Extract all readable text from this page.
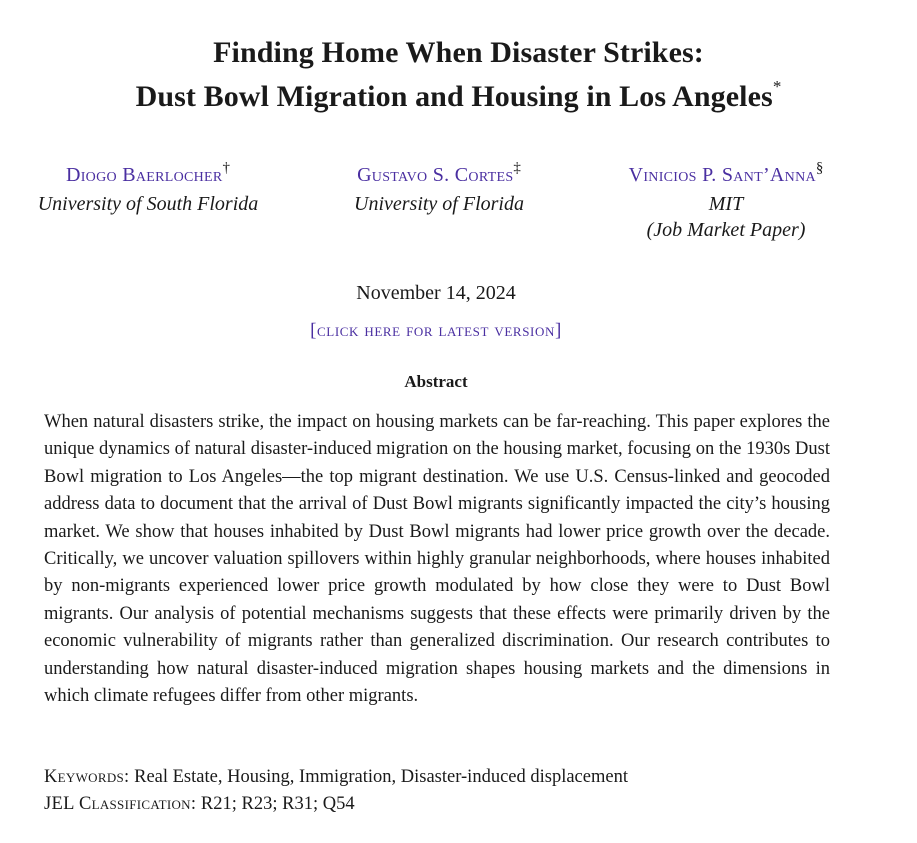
Finding Home When Disaster Strikes:
Dust Bowl Migration and Housing in Los Angeles*
Diogo Baerlocher†
University of South Florida
Gustavo S. Cortes‡
University of Florida
Vinicios P. Sant’Anna§
MIT
(Job Market Paper)
November 14, 2024
[click here for latest version]
Abstract

When natural disasters strike, the impact on housing markets can be far-reaching. This paper explores the unique dynamics of natural disaster-induced migration on the housing market, focusing on the 1930s Dust Bowl migration to Los Angeles—the top migrant destination. We use U.S. Census-linked and geocoded address data to document that the arrival of Dust Bowl migrants significantly impacted the city’s housing market. We show that houses inhabited by Dust Bowl migrants had lower price growth over the decade. Critically, we uncover valuation spillovers within highly granular neighborhoods, where houses inhabited by non-migrants experienced lower price growth modulated by how close they were to Dust Bowl migrants. Our analysis of potential mechanisms suggests that these effects were primarily driven by the economic vulnerability of migrants rather than generalized discrimination. Our research contributes to understanding how natural disaster-induced migration shapes housing markets and the dimensions in which climate refugees differ from other migrants.

Keywords: Real Estate, Housing, Immigration, Disaster-induced displacement
JEL Classification: R21; R23; R31; Q54
